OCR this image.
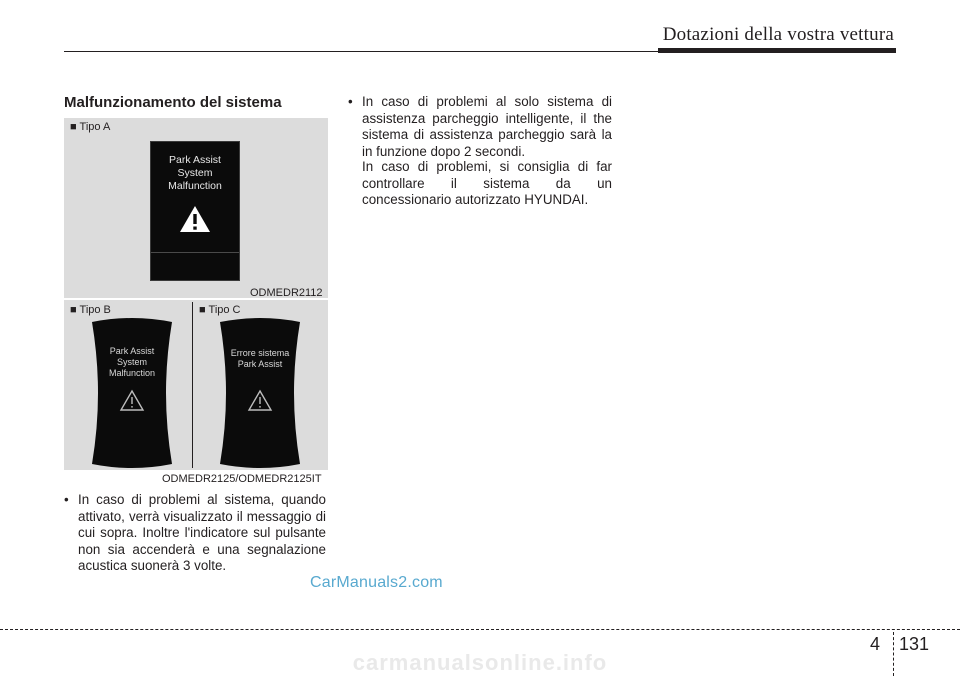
Dotazioni della vostra vettura
Malfunzionamento del sistema
■ Tipo A
Park Assist
System
Malfunction
ODMEDR2112
■ Tipo B	■ Tipo C
Park Assist
System
Malfunction
Errore sistema
Park Assist
ODMEDR2125/ODMEDR2125IT
• In caso di problemi al sistema, quando attivato, verrà visualizzato il messaggio di cui sopra. Inoltre l'indicatore sul pulsante non sia accenderà e una segnalazione acustica suonerà 3 volte.
• In caso di problemi al solo sistema di assistenza parcheggio intelligente, il the sistema di assistenza parcheggio sarà la in funzione dopo 2 secondi.
In caso di problemi, si consiglia di far controllare il sistema da un concessionario autorizzato HYUNDAI.
CarManuals2.com
4 131
carmanualsonline.info
